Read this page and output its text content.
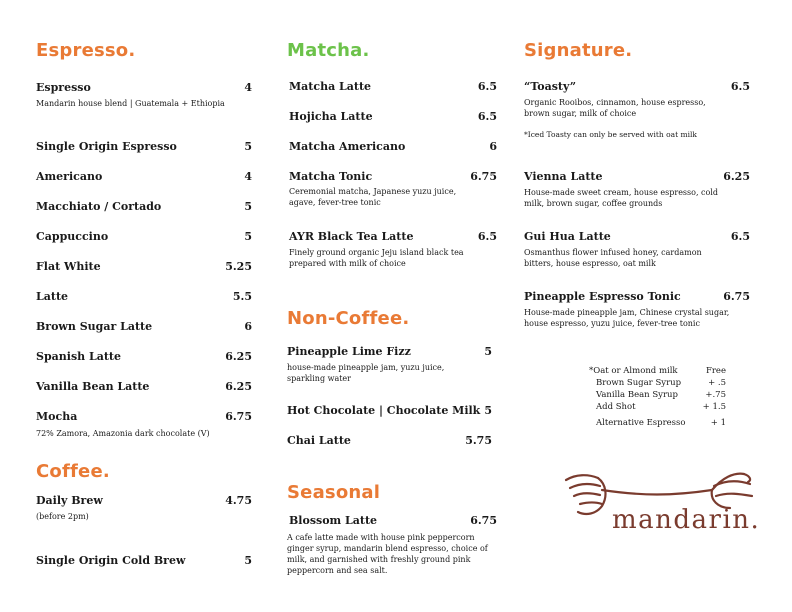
Espresso.
Espresso	4
Mandarin house blend | Guatemala + Ethiopia
Single Origin Espresso	5
Americano	4
Macchiato / Cortado	5
Cappuccino	5
Flat White	5.25
Latte	5.5
Brown Sugar Latte	6
Spanish Latte	6.25
Vanilla Bean Latte	6.25
Mocha	6.75
72% Zamora, Amazonia dark chocolate (V)
Coffee.
Daily Brew	4.75
(before 2pm)
Single Origin Cold Brew	5
Matcha.
Matcha Latte	6.5
Hojicha Latte	6.5
Matcha Americano	6
Matcha Tonic	6.75
Ceremonial matcha, Japanese yuzu juice, agave, fever-tree tonic
AYR Black Tea Latte	6.5
Finely ground organic Jeju island black tea prepared with milk of choice
Non-Coffee.
Pineapple Lime Fizz	5
house-made pineapple jam, yuzu juice, sparkling water
Hot Chocolate | Chocolate Milk 5
Chai Latte	5.75
Seasonal
Blossom Latte	6.75
A cafe latte made with house pink peppercorn ginger syrup, mandarin blend espresso, choice of milk, and garnished with freshly ground pink peppercorn and sea salt.
Signature.
“Toasty”	6.5
Organic Rooibos, cinnamon, house espresso, brown sugar, milk of choice
*Iced Toasty can only be served with oat milk
Vienna Latte	6.25
House-made sweet cream, house espresso, cold milk, brown sugar, coffee grounds
Gui Hua Latte	6.5
Osmanthus flower infused honey, cardamon bitters, house espresso, oat milk
Pineapple Espresso Tonic	6.75
House-made pineapple jam, Chinese crystal sugar, house espresso, yuzu juice, fever-tree tonic
*Oat or Almond milk	Free
Brown Sugar Syrup	+ .5
Vanilla Bean Syrup	+.75
Add Shot	+ 1.5
Alternative Espresso	+ 1
mandarin.
